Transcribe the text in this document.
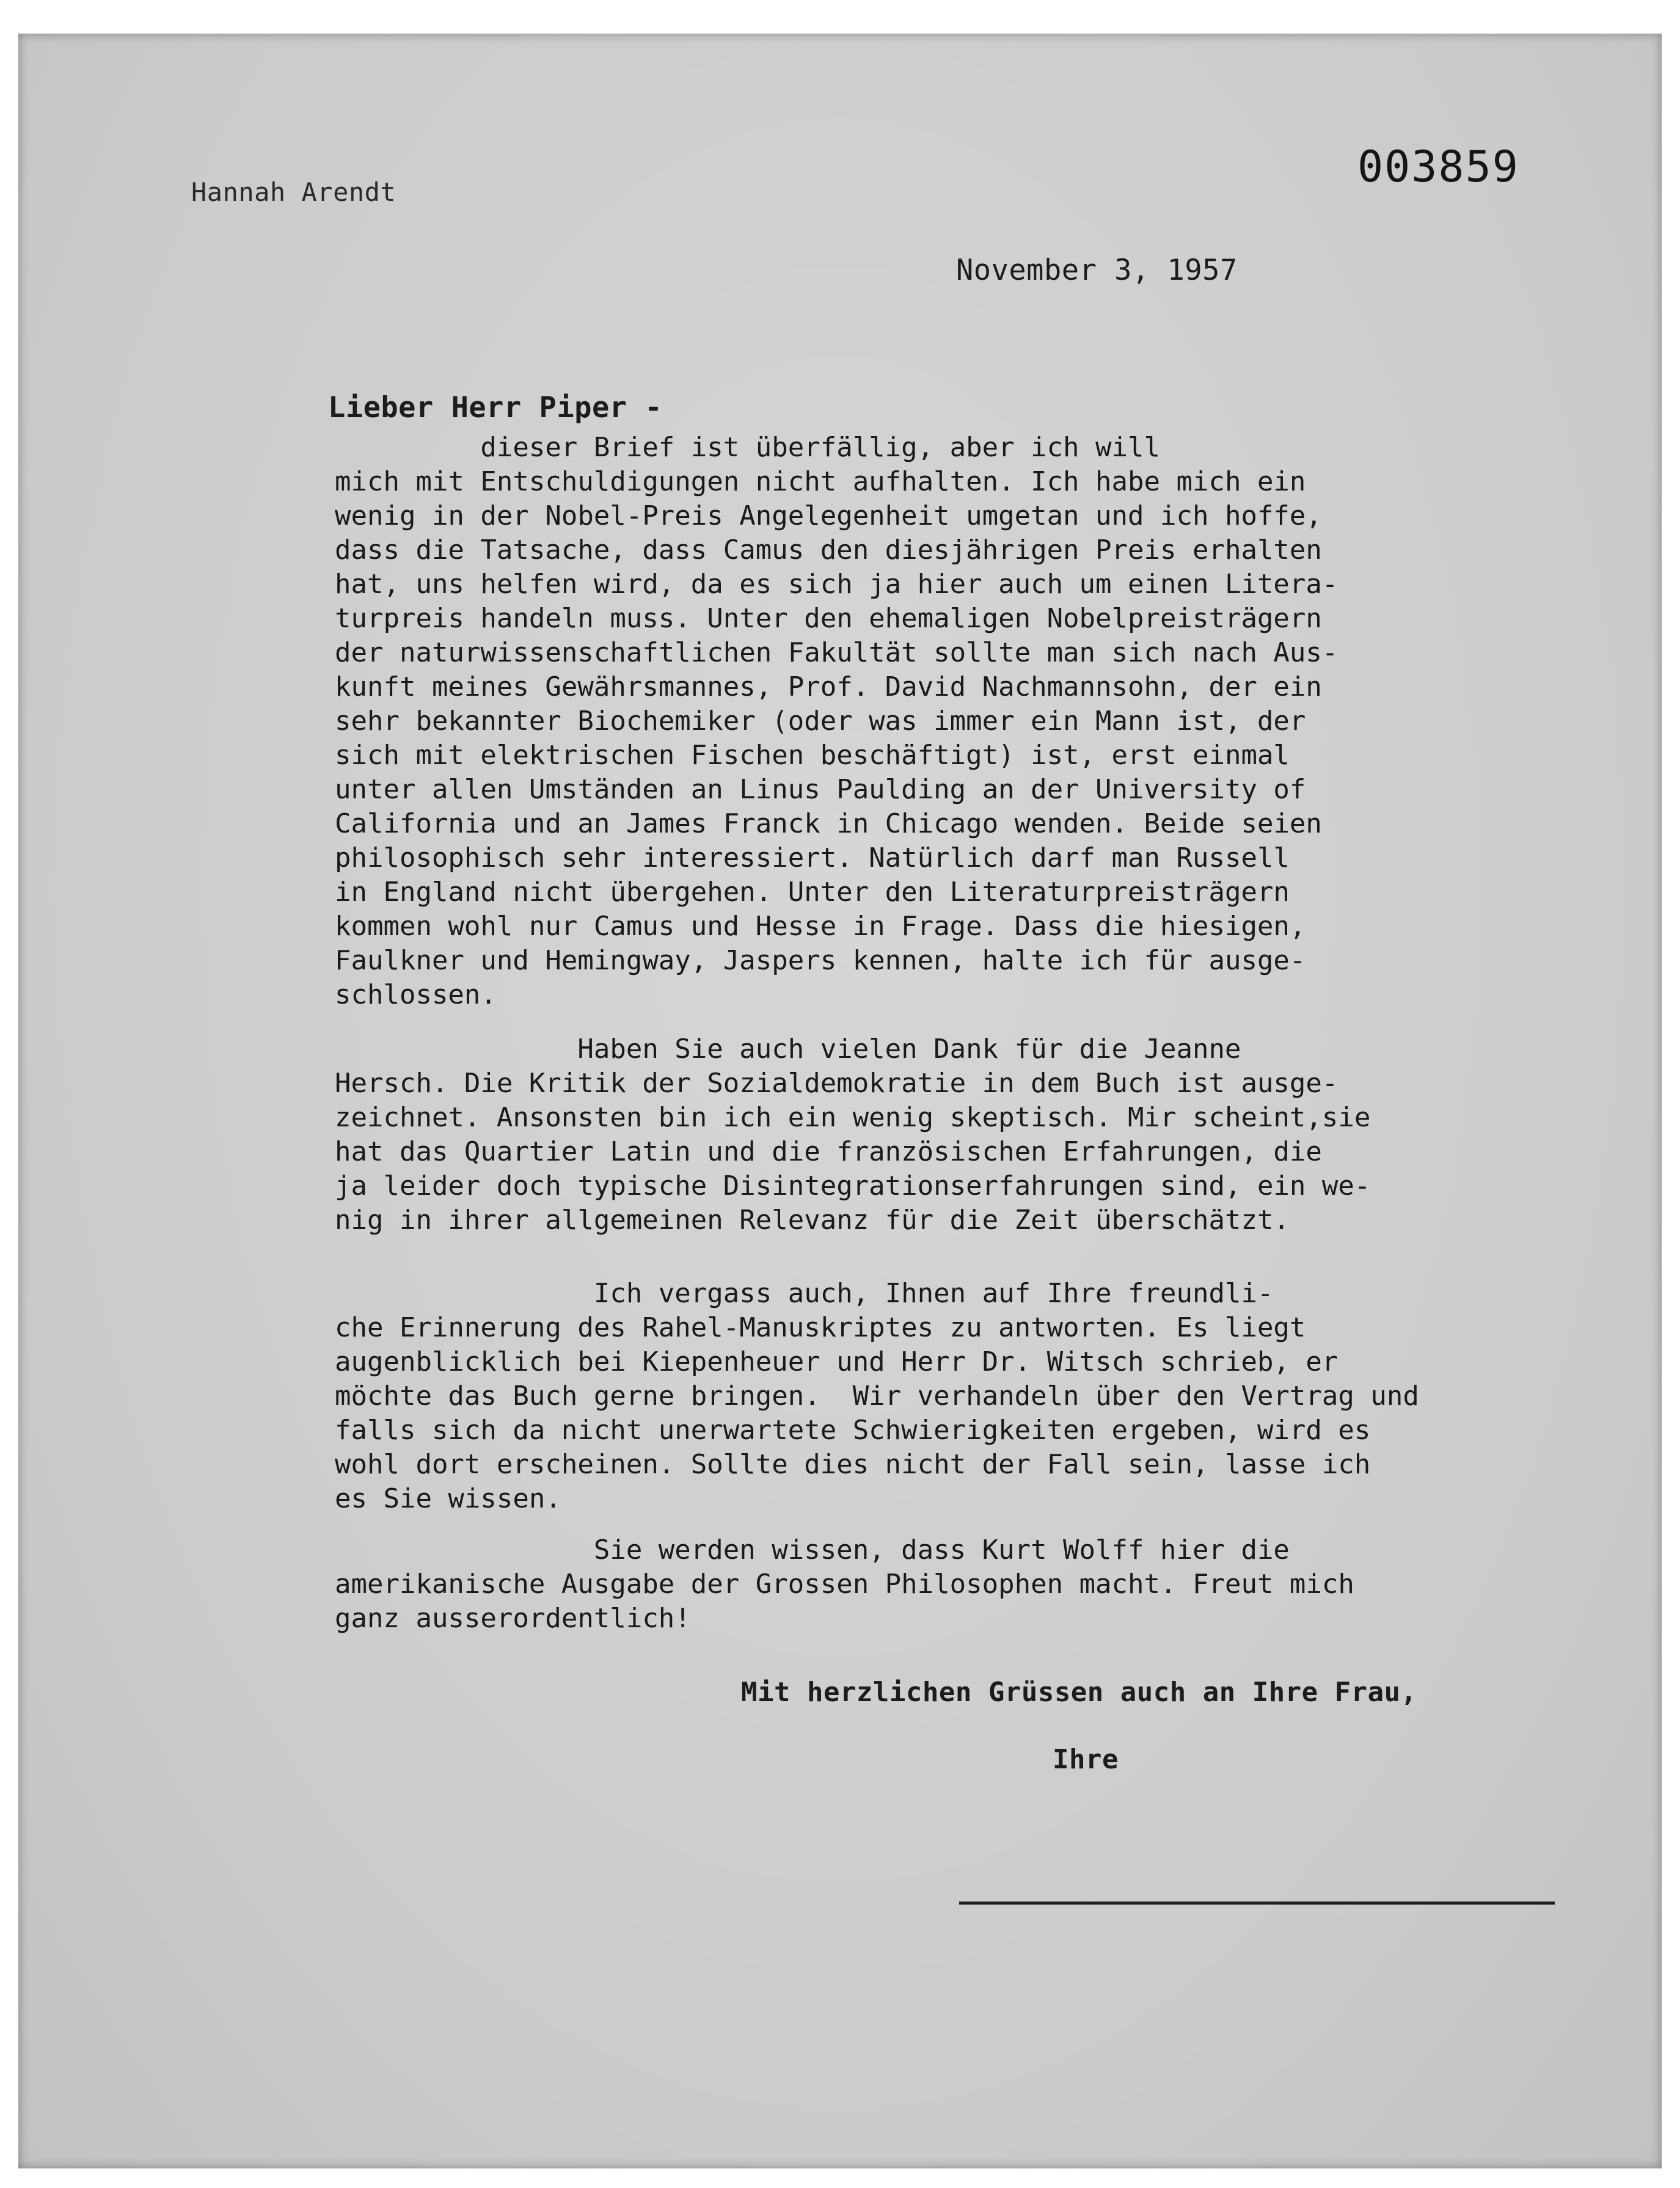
Hannah Arendt
003859
November 3, 1957
Lieber Herr Piper -
dieser Brief ist überfällig, aber ich will
mich mit Entschuldigungen nicht aufhalten. Ich habe mich ein
wenig in der Nobel-Preis Angelegenheit umgetan und ich hoffe,
dass die Tatsache, dass Camus den diesjährigen Preis erhalten
hat, uns helfen wird, da es sich ja hier auch um einen Litera-
turpreis handeln muss. Unter den ehemaligen Nobelpreisträgern
der naturwissenschaftlichen Fakultät sollte man sich nach Aus-
kunft meines Gewährsmannes, Prof. David Nachmannsohn, der ein
sehr bekannter Biochemiker (oder was immer ein Mann ist, der
sich mit elektrischen Fischen beschäftigt) ist, erst einmal
unter allen Umständen an Linus Paulding an der University of
California und an James Franck in Chicago wenden. Beide seien
philosophisch sehr interessiert. Natürlich darf man Russell
in England nicht übergehen. Unter den Literaturpreisträgern
kommen wohl nur Camus und Hesse in Frage. Dass die hiesigen,
Faulkner und Hemingway, Jaspers kennen, halte ich für ausge-
schlossen.
Haben Sie auch vielen Dank für die Jeanne
Hersch. Die Kritik der Sozialdemokratie in dem Buch ist ausge-
zeichnet. Ansonsten bin ich ein wenig skeptisch. Mir scheint,sie
hat das Quartier Latin und die französischen Erfahrungen, die
ja leider doch typische Disintegrationserfahrungen sind, ein we-
nig in ihrer allgemeinen Relevanz für die Zeit überschätzt.
Ich vergass auch, Ihnen auf Ihre freundli-
che Erinnerung des Rahel-Manuskriptes zu antworten. Es liegt
augenblicklich bei Kiepenheuer und Herr Dr. Witsch schrieb, er
möchte das Buch gerne bringen.  Wir verhandeln über den Vertrag und
falls sich da nicht unerwartete Schwierigkeiten ergeben, wird es
wohl dort erscheinen. Sollte dies nicht der Fall sein, lasse ich
es Sie wissen.
Sie werden wissen, dass Kurt Wolff hier die
amerikanische Ausgabe der Grossen Philosophen macht. Freut mich
ganz ausserordentlich!
Mit herzlichen Grüssen auch an Ihre Frau,
Ihre
